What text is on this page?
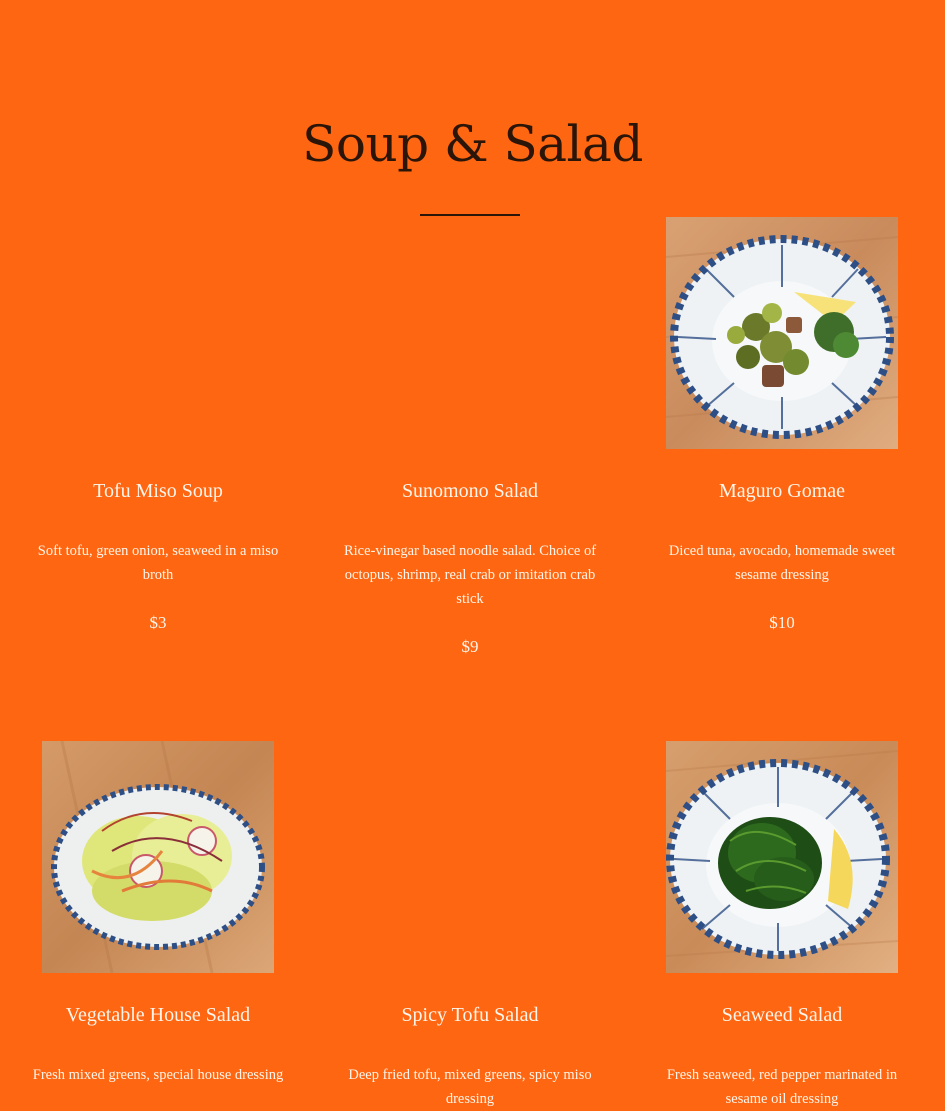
Soup & Salad
Tofu Miso Soup
Soft tofu, green onion, seaweed in a miso broth
$3
Sunomono Salad
Rice-vinegar based noodle salad. Choice of octopus, shrimp, real crab or imitation crab stick
$9
Maguro Gomae
Diced tuna, avocado, homemade sweet sesame dressing
$10
Vegetable House Salad
Fresh mixed greens, special house dressing
Spicy Tofu Salad
Deep fried tofu, mixed greens, spicy miso dressing
Seaweed Salad
Fresh seaweed, red pepper marinated in sesame oil dressing
